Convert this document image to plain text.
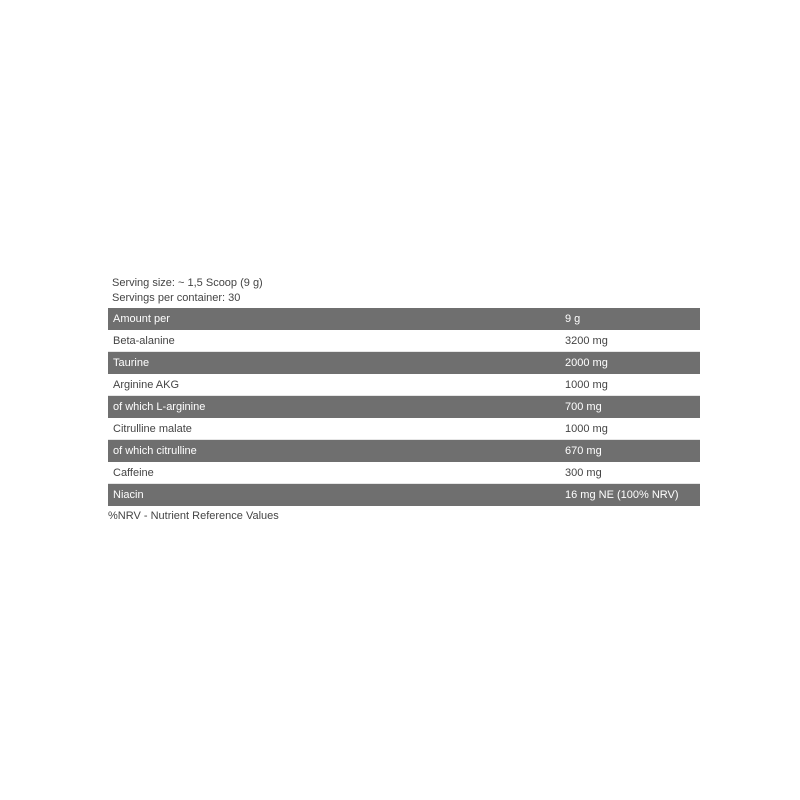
Serving size: ~ 1,5 Scoop (9 g)
Servings per container: 30
Amount per	9 g
Beta-alanine	3200 mg
Taurine	2000 mg
Arginine AKG	1000 mg
of which L-arginine	700 mg
Citrulline malate	1000 mg
of which citrulline	670 mg
Caffeine	300 mg
Niacin	16 mg NE (100% NRV)
%NRV - Nutrient Reference Values
